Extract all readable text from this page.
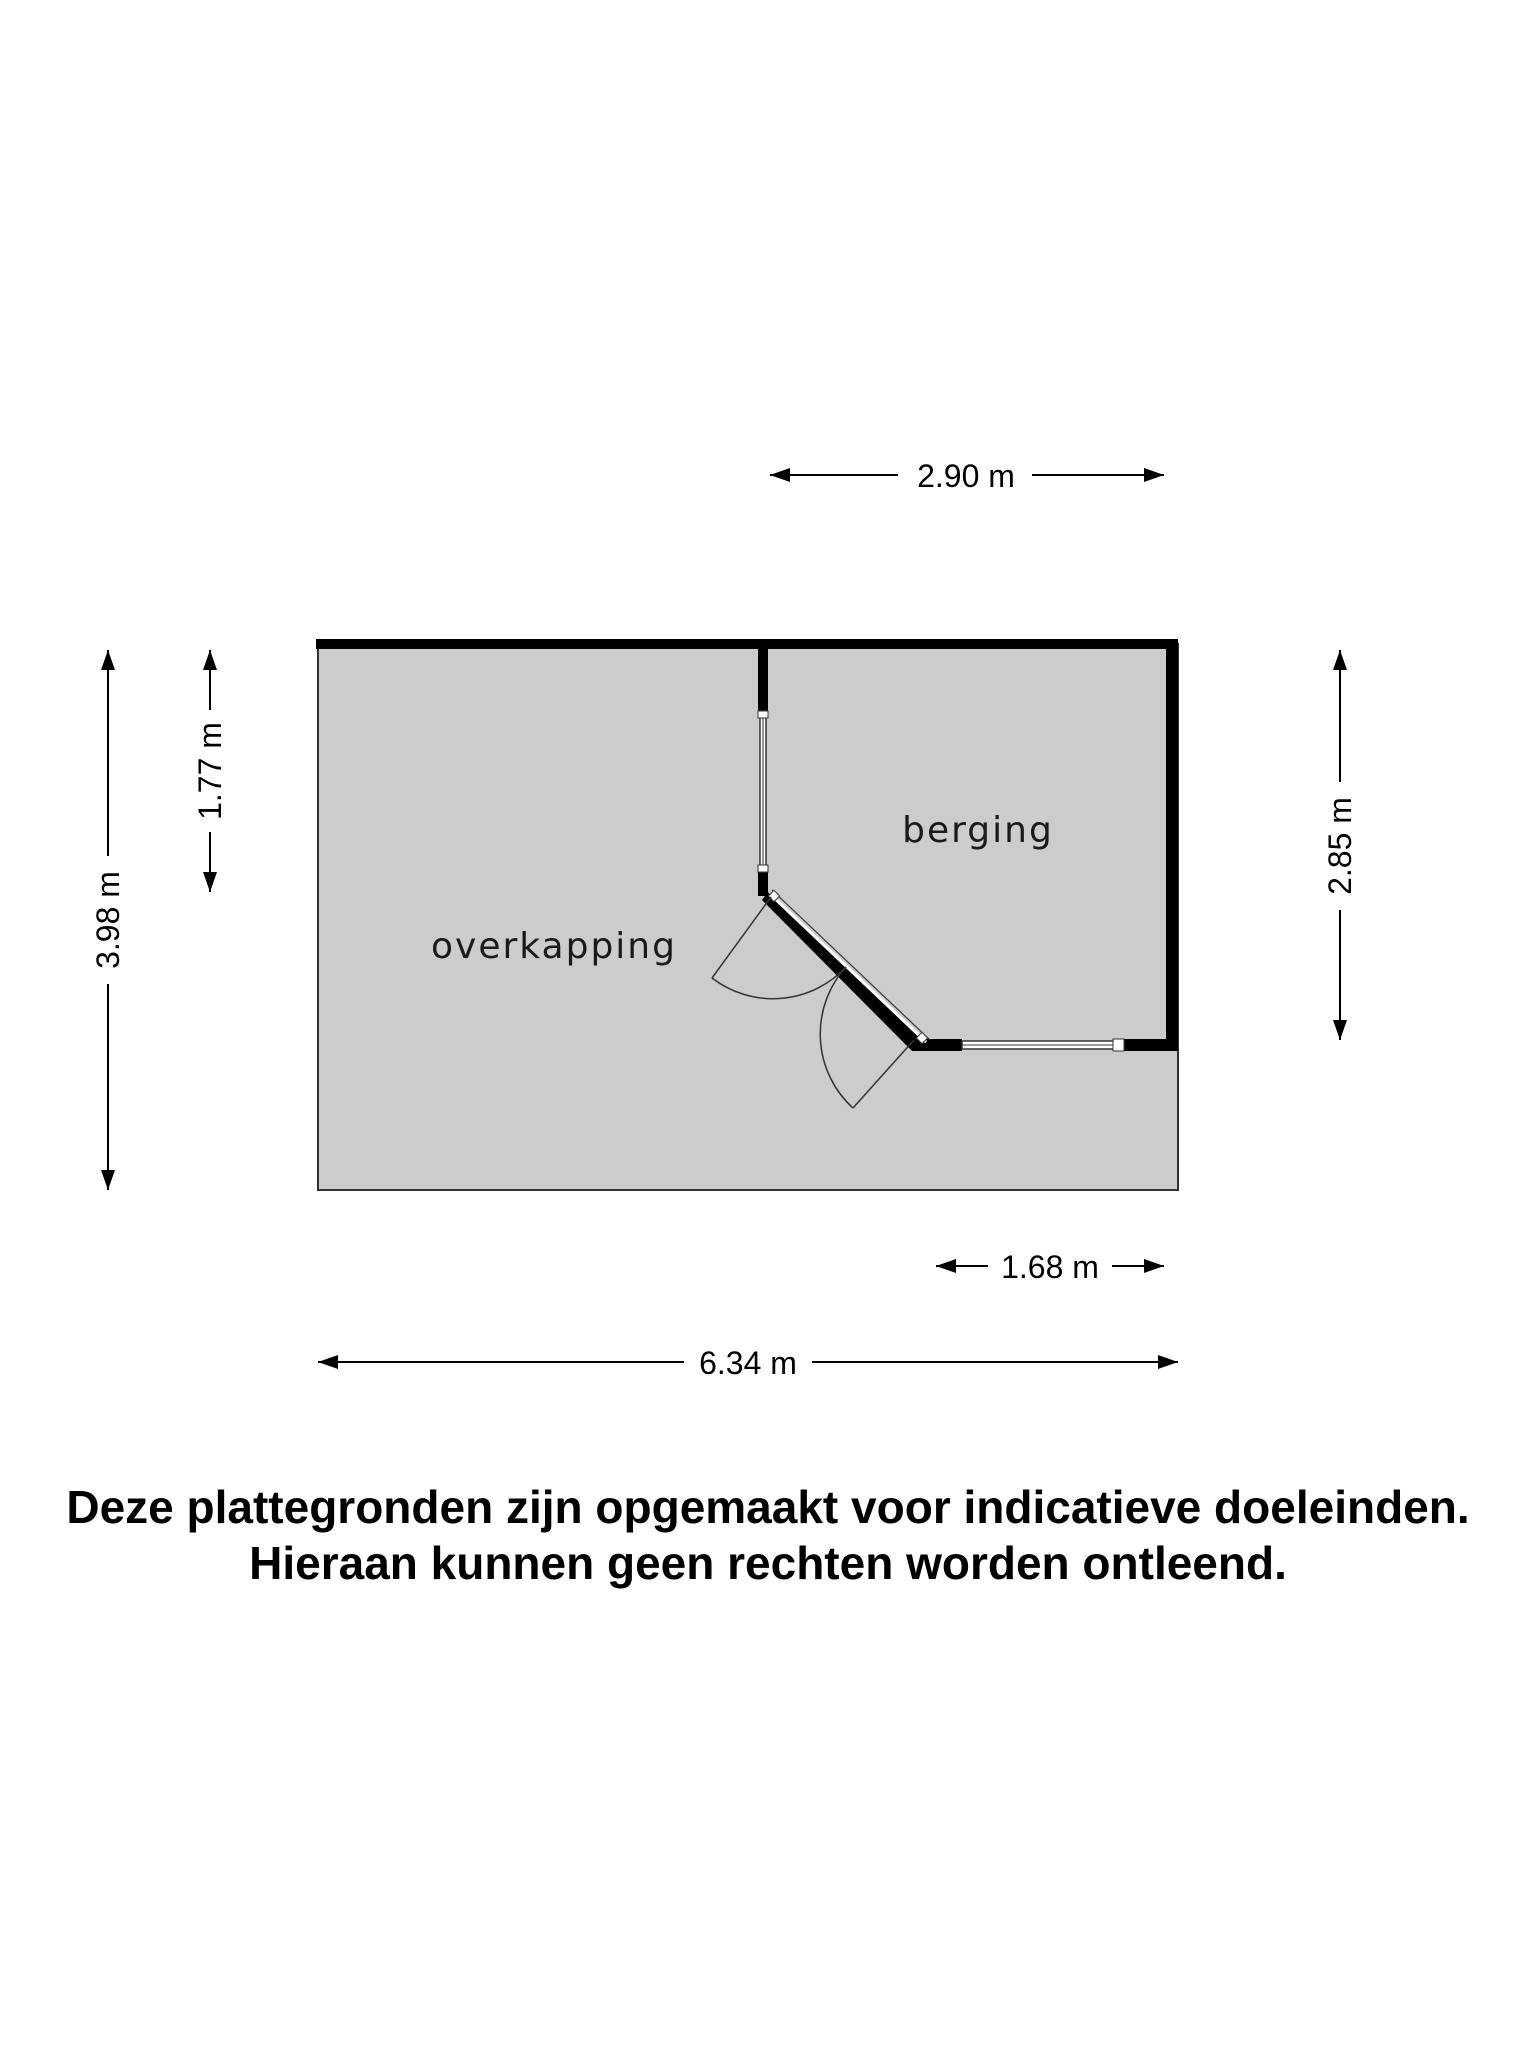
overkapping
berging
2.90 m
1.68 m
6.34 m
3.98 m
1.77 m
2.85 m
Deze plattegronden zijn opgemaakt voor indicatieve doeleinden.
Hieraan kunnen geen rechten worden ontleend.
